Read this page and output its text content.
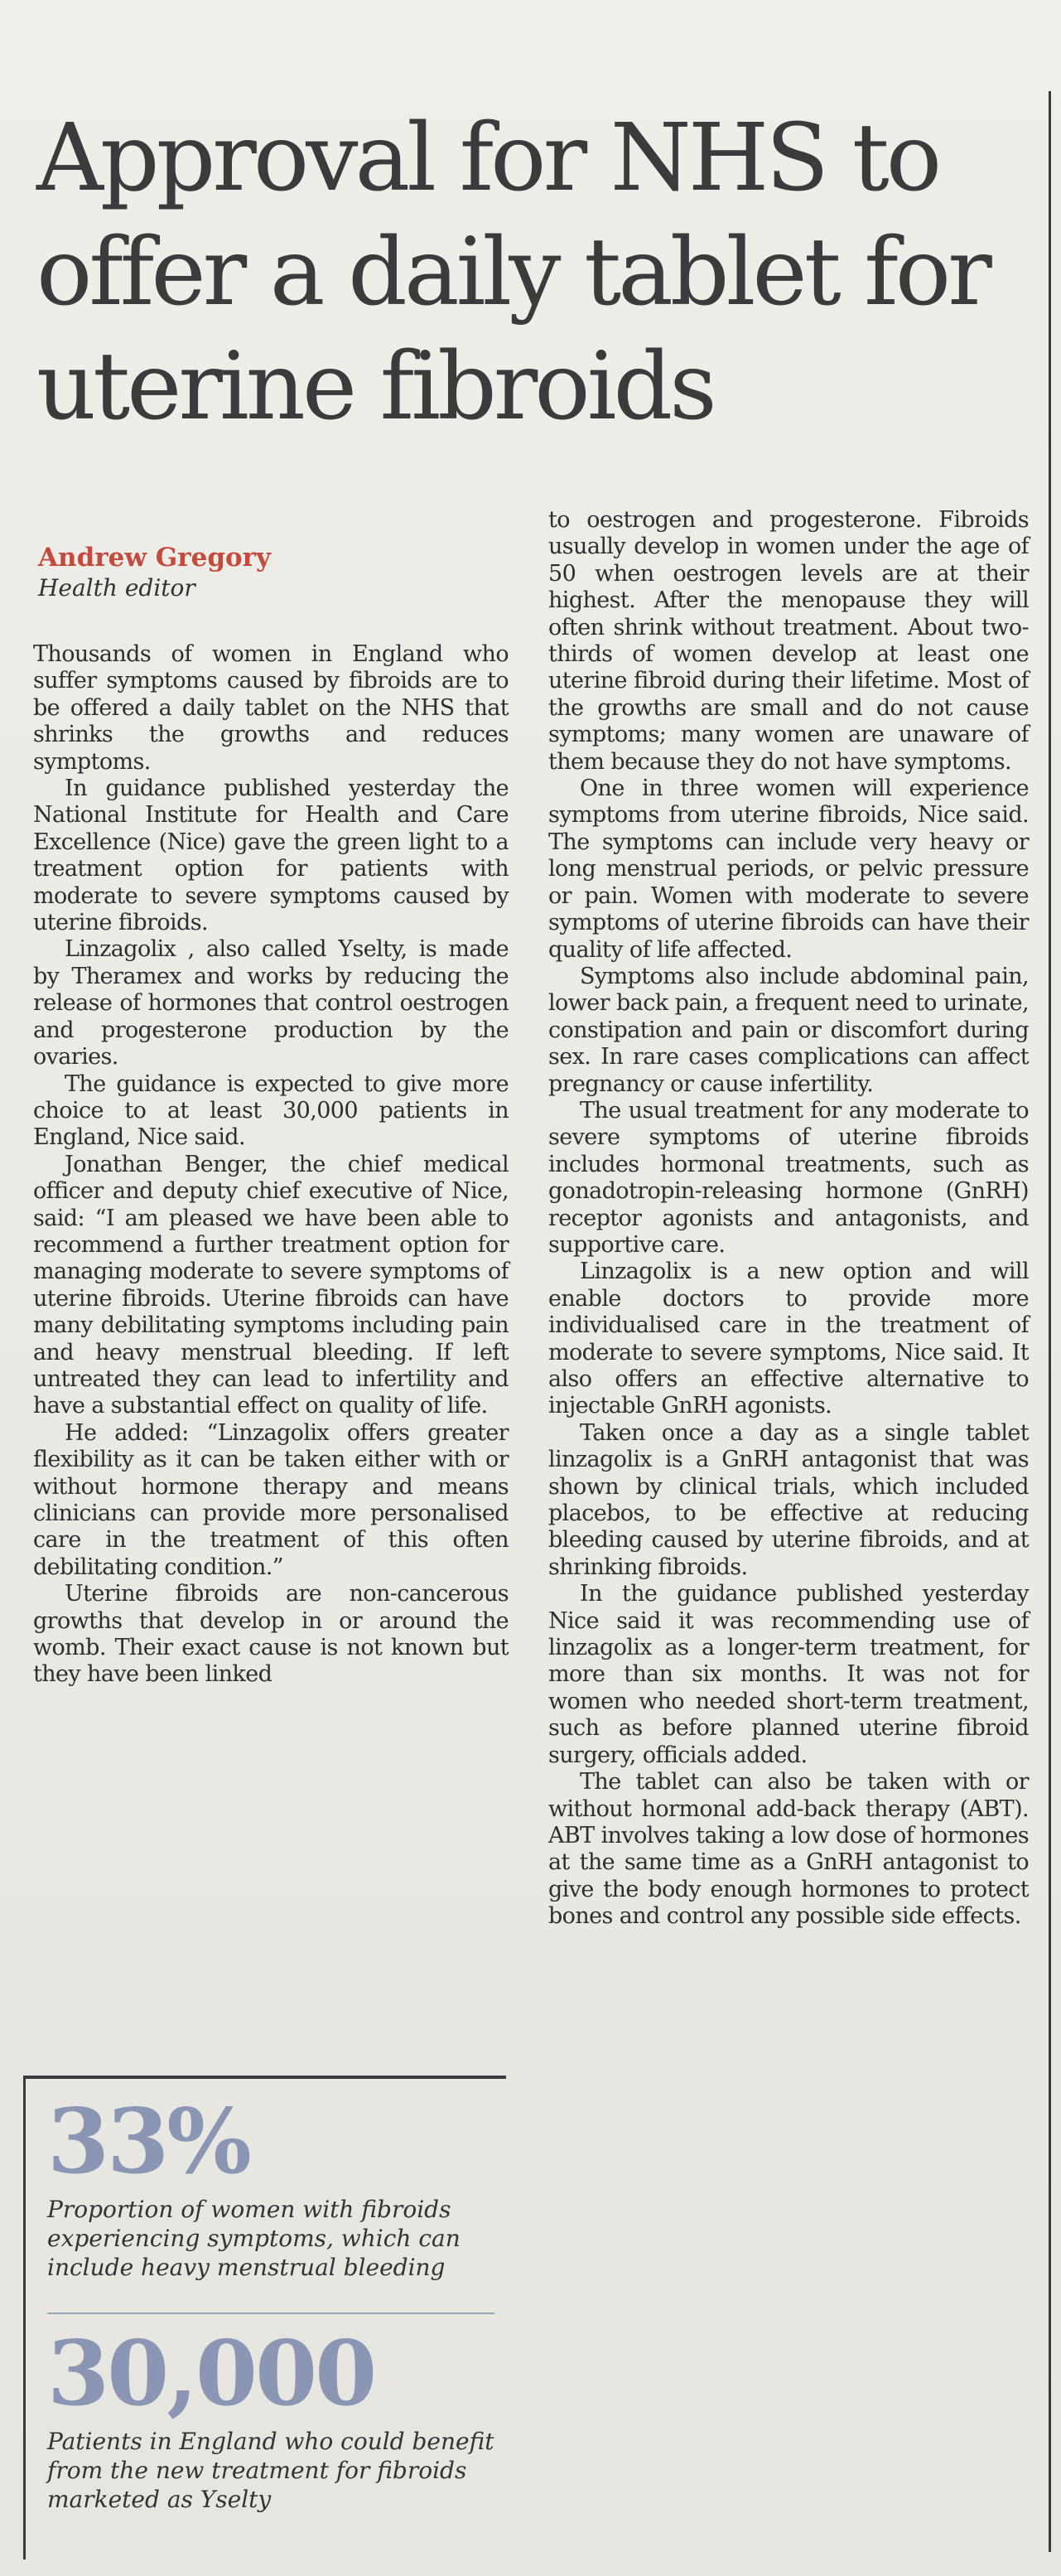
Approval for NHS to offer a daily tablet for uterine fibroids
Andrew Gregory
Health editor

Thousands of women in England who suffer symptoms caused by fibroids are to be offered a daily tablet on the NHS that shrinks the growths and reduces symptoms.

In guidance published yesterday the National Institute for Health and Care Excellence (Nice) gave the green light to a treatment option for patients with moderate to severe symptoms caused by uterine fibroids.

Linzagolix , also called Yselty, is made by Theramex and works by reducing the release of hormones that control oestrogen and progesterone production by the ovaries.

The guidance is expected to give more choice to at least 30,000 patients in England, Nice said.

Jonathan Benger, the chief medical officer and deputy chief executive of Nice, said: “I am pleased we have been able to recommend a further treatment option for managing moderate to severe symptoms of uterine fibroids. Uterine fibroids can have many debilitating symptoms including pain and heavy menstrual bleeding. If left untreated they can lead to infertility and have a substantial effect on quality of life.

He added: “Linzagolix offers greater flexibility as it can be taken either with or without hormone therapy and means clinicians can provide more personalised care in the treatment of this often debilitating condition.”

Uterine fibroids are non-cancerous growths that develop in or around the womb. Their exact cause is not known but they have been linked

to oestrogen and progesterone. Fibroids usually develop in women under the age of 50 when oestrogen levels are at their highest. After the menopause they will often shrink without treatment. About two-thirds of women develop at least one uterine fibroid during their lifetime. Most of the growths are small and do not cause symptoms; many women are unaware of them because they do not have symptoms.

One in three women will experience symptoms from uterine fibroids, Nice said. The symptoms can include very heavy or long menstrual periods, or pelvic pressure or pain. Women with moderate to severe symptoms of uterine fibroids can have their quality of life affected.

Symptoms also include abdominal pain, lower back pain, a frequent need to urinate, constipation and pain or discomfort during sex. In rare cases complications can affect pregnancy or cause infertility.

The usual treatment for any moderate to severe symptoms of uterine fibroids includes hormonal treatments, such as gonadotropin-releasing hormone (GnRH) receptor agonists and antagonists, and supportive care.

Linzagolix is a new option and will enable doctors to provide more individualised care in the treatment of moderate to severe symptoms, Nice said. It also offers an effective alternative to injectable GnRH agonists.

Taken once a day as a single tablet linzagolix is a GnRH antagonist that was shown by clinical trials, which included placebos, to be effective at reducing bleeding caused by uterine fibroids, and at shrinking fibroids.

In the guidance published yesterday Nice said it was recommending use of linzagolix as a longer-term treatment, for more than six months. It was not for women who needed short-term treatment, such as before planned uterine fibroid surgery, officials added.

The tablet can also be taken with or without hormonal add-back therapy (ABT). ABT involves taking a low dose of hormones at the same time as a GnRH antagonist to give the body enough hormones to protect bones and control any possible side effects.

33%
Proportion of women with fibroids experiencing symptoms, which can include heavy menstrual bleeding
30,000
Patients in England who could benefit from the new treatment for fibroids marketed as Yselty
